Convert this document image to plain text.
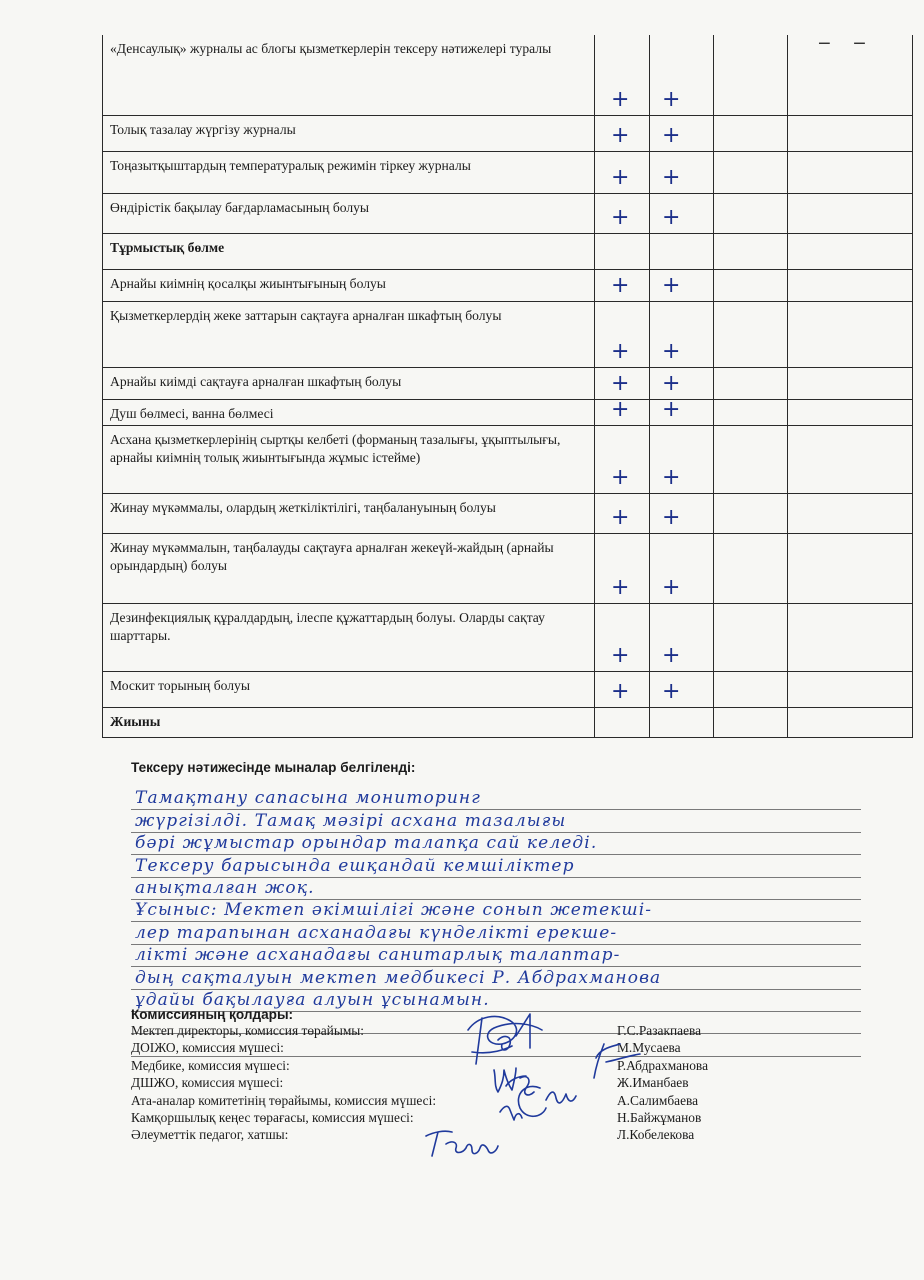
‒ ‒
«Денсаулық» журналы ас блогы қызметкерлерін тексеру нәтижелері туралы	+	+		

Толық тазалау жүргізу журналы	+	+		

Тоңазытқыштардың температуралық режимін тіркеу журналы	+	+		

Өндірістік бақылау бағдарламасының болуы	+	+		

Тұрмыстық бөлме				
Арнайы киімнің қосалқы жиынтығының болуы	+	+		

Қызметкерлердің жеке заттарын сақтауға арналған шкафтың болуы	+	+		

Арнайы киімді сақтауға арналған шкафтың болуы	+	+		

Душ бөлмесі, ванна бөлмесі	+	+		

Асхана қызметкерлерінің сыртқы келбеті (форманың тазалығы, ұқыптылығы, арнайы киімнің толық жиынтығында жұмыс істейме)	+	+		

Жинау мүкәммалы, олардың жеткіліктілігі, таңбалануының болуы	+	+		

Жинау мүкәммалын, таңбалауды сақтауға арналған жекеүй-жайдың (арнайы орындардың) болуы	+	+		

Дезинфекциялық құралдардың, ілеспе құжаттардың болуы. Оларды сақтау шарттары.	+	+		

Москит торының болуы	+	+		

Жиыны				
Тексеру нәтижесінде мыналар белгіленді:
Тамақтану сапасына мониторинг
жүргізілді. Тамақ мәзірі асхана тазалығы
бәрі жұмыстар орындар талапқа сай келеді.
Тексеру барысында ешқандай кемшіліктер
анықталған жоқ.
Ұсыныс: Мектеп әкімшілігі және сонып жетекші-
лер тарапынан асханадағы күнделікті ерекше-
лікті және асханадағы санитарлық талаптар-
дың сақталуын мектеп медбикесі Р. Абдрахманова
ұдайы бақылауға алуын ұсынамын.
Комиссияның қолдары:
Мектеп директоры, комиссия төрайымы:	Г.С.Разакпаева
ДОІЖО, комиссия мүшесі:	М.Мусаева
Медбике, комиссия мүшесі:	Р.Абдрахманова
ДШЖО, комиссия мүшесі:	Ж.Иманбаев
Ата-аналар комитетінің төрайымы, комиссия мүшесі:	А.Салимбаева
Камқоршылық кеңес төрағасы, комиссия мүшесі:	Н.Байжұманов
Әлеуметтік педагог, хатшы:	Л.Кобелекова
